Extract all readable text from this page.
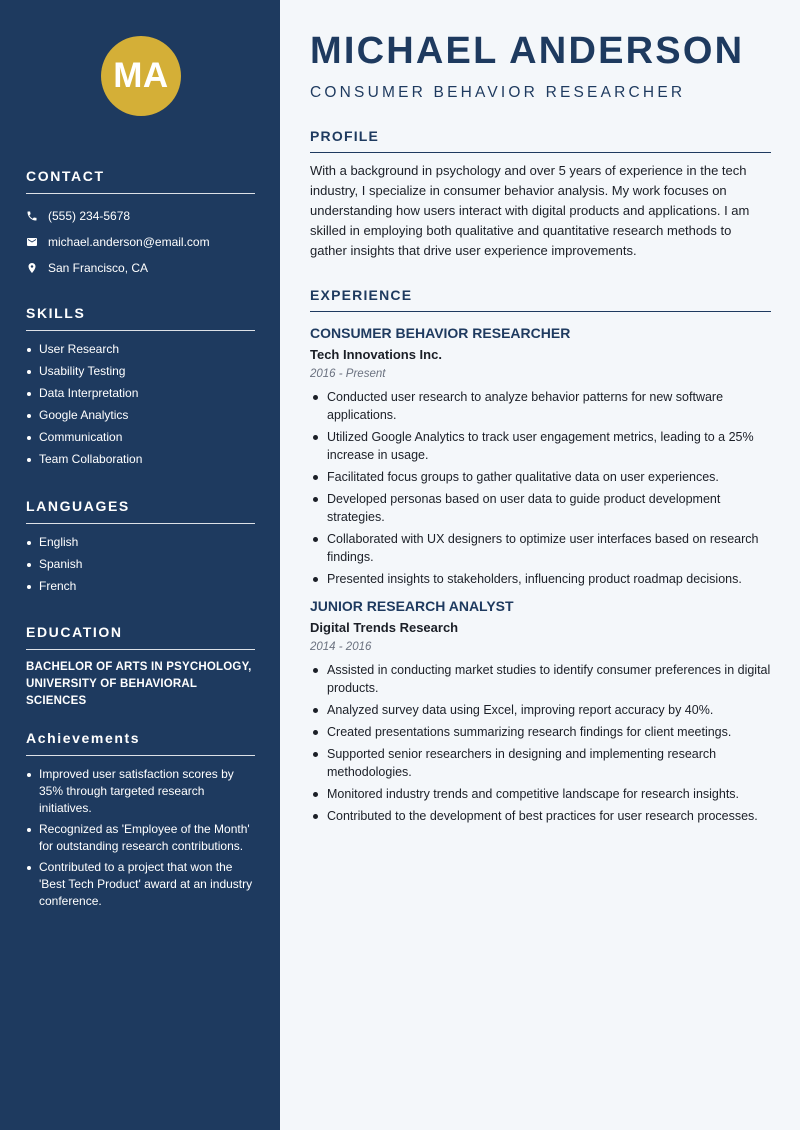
MA
CONTACT
(555) 234-5678
michael.anderson@email.com
San Francisco, CA
SKILLS
User Research
Usability Testing
Data Interpretation
Google Analytics
Communication
Team Collaboration
LANGUAGES
English
Spanish
French
EDUCATION
BACHELOR OF ARTS IN PSYCHOLOGY,
UNIVERSITY OF BEHAVIORAL SCIENCES
Achievements
Improved user satisfaction scores by 35% through targeted research initiatives.
Recognized as 'Employee of the Month' for outstanding research contributions.
Contributed to a project that won the 'Best Tech Product' award at an industry conference.
MICHAEL ANDERSON
CONSUMER BEHAVIOR RESEARCHER
PROFILE

With a background in psychology and over 5 years of experience in the tech industry, I specialize in consumer behavior analysis. My work focuses on understanding how users interact with digital products and applications. I am skilled in employing both qualitative and quantitative research methods to gather insights that drive user experience improvements.

EXPERIENCE
CONSUMER BEHAVIOR RESEARCHER
Tech Innovations Inc.
2016 - Present
Conducted user research to analyze behavior patterns for new software applications.
Utilized Google Analytics to track user engagement metrics, leading to a 25% increase in usage.
Facilitated focus groups to gather qualitative data on user experiences.
Developed personas based on user data to guide product development strategies.
Collaborated with UX designers to optimize user interfaces based on research findings.
Presented insights to stakeholders, influencing product roadmap decisions.
JUNIOR RESEARCH ANALYST
Digital Trends Research
2014 - 2016
Assisted in conducting market studies to identify consumer preferences in digital products.
Analyzed survey data using Excel, improving report accuracy by 40%.
Created presentations summarizing research findings for client meetings.
Supported senior researchers in designing and implementing research methodologies.
Monitored industry trends and competitive landscape for research insights.
Contributed to the development of best practices for user research processes.
